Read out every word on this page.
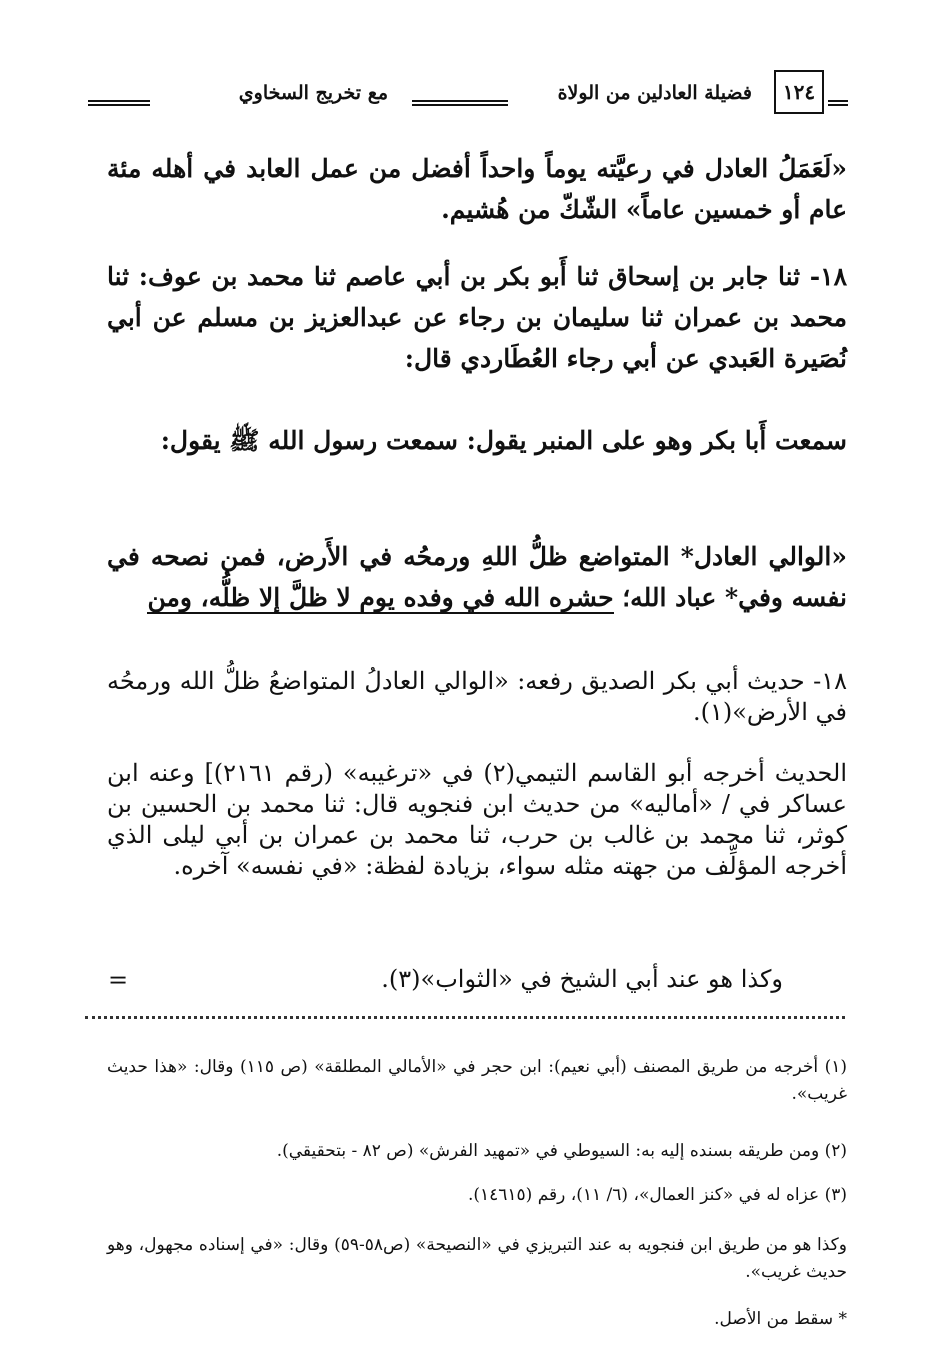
١٢٤
فضيلة العادلين من الولاة
مع تخريج السخاوي
«لَعَمَلُ العادل في رعيَّته يوماً واحداً أفضل من عمل العابد في أهله مئة عام أو خمسين عاماً» الشّكّ من هُشيم.
١٨- ثنا جابر بن إسحاق ثنا أَبو بكر بن أبي عاصم ثنا محمد بن عوف: ثنا محمد بن عمران ثنا سليمان بن رجاء عن عبدالعزيز بن مسلم عن أبي نُصَيرة العَبدي عن أبي رجاء العُطَاردي قال:
سمعت أَبا بكر وهو على المنبر يقول: سمعت رسول الله ﷺ يقول:
«الوالي العادل* المتواضع ظلُّ اللهِ ورمحُه في الأَرض، فمن نصحه في نفسه وفي* عباد الله؛ حشره الله في وفده يوم لا ظلَّ إلا ظلُّه، ومن
١٨- حديث أبي بكر الصديق رفعه: «الوالي العادلُ المتواضعُ ظلُّ الله ورمحُه في الأرض»(١).
الحديث أخرجه أبو القاسم التيمي(٢) في «ترغيبه» (رقم ٢١٦١)] وعنه ابن عساكر في / «أماليه» من حديث ابن فنجويه قال: ثنا محمد بن الحسين بن كوثر، ثنا محمد بن غالب بن حرب، ثنا محمد بن عمران بن أبي ليلى الذي أخرجه المؤلِّف من جهته مثله سواء، بزيادة لفظة: «في نفسه» آخره.
وكذا هو عند أبي الشيخ في «الثواب»(٣).
=
(١) أخرجه من طريق المصنف (أبي نعيم): ابن حجر في «الأمالي المطلقة» (ص ١١٥) وقال: «هذا حديث غريب».
(٢) ومن طريقه بسنده إليه به: السيوطي في «تمهيد الفرش» (ص ٨٢ - بتحقيقي).
(٣) عزاه له في «كنز العمال»، (٦/ ١١)، رقم (١٤٦١٥).
وكذا هو من طريق ابن فنجويه به عند التبريزي في «النصيحة» (ص٥٨-٥٩) وقال: «في إسناده مجهول، وهو حديث غريب».
* سقط من الأصل.
